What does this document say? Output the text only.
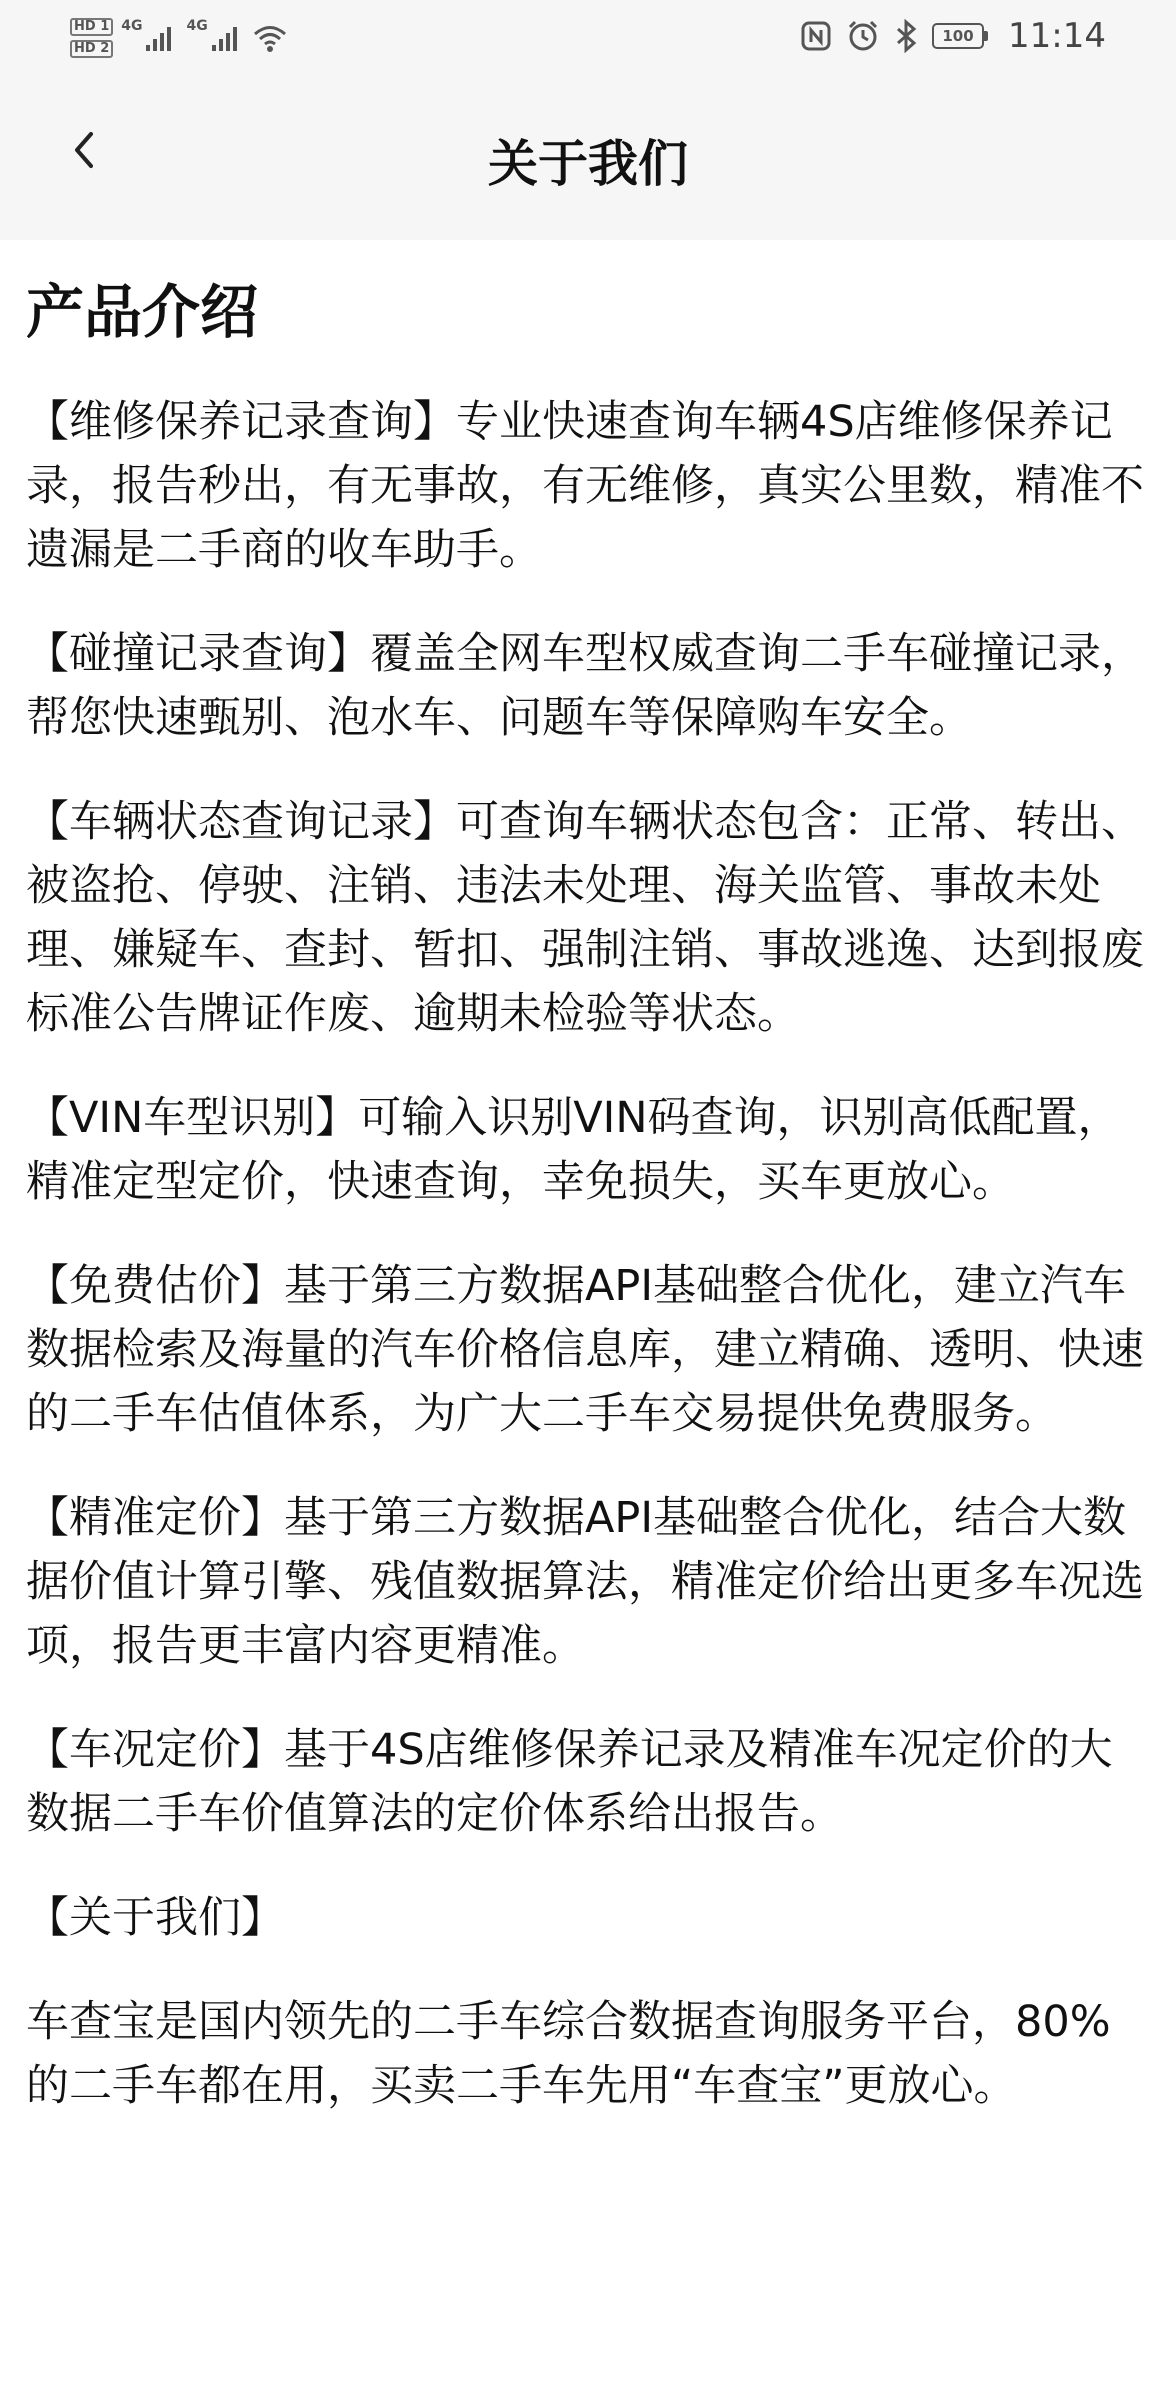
HD 1
HD 2
4G	4G
100	11:14
关于我们
产品介绍

【维修保养记录查询】专业快速查询车辆4S店维修保养记录，报告秒出，有无事故，有无维修，真实公里数，精准不遗漏是二手商的收车助手。

【碰撞记录查询】覆盖全网车型权威查询二手车碰撞记录，帮您快速甄别、泡水车、问题车等保障购车安全。

【车辆状态查询记录】可查询车辆状态包含：正常、转出、被盗抢、停驶、注销、违法未处理、海关监管、事故未处理、嫌疑车、查封、暂扣、强制注销、事故逃逸、达到报废标准公告牌证作废、逾期未检验等状态。

【VIN车型识别】可输入识别VIN码查询，识别高低配置，精准定型定价，快速查询，幸免损失，买车更放心。

【免费估价】基于第三方数据API基础整合优化，建立汽车数据检索及海量的汽车价格信息库，建立精确、透明、快速的二手车估值体系，为广大二手车交易提供免费服务。

【精准定价】基于第三方数据API基础整合优化，结合大数据价值计算引擎、残值数据算法，精准定价给出更多车况选项，报告更丰富内容更精准。

【车况定价】基于4S店维修保养记录及精准车况定价的大数据二手车价值算法的定价体系给出报告。

【关于我们】

车查宝是国内领先的二手车综合数据查询服务平台，80%的二手车都在用，买卖二手车先用“车查宝”更放心。
